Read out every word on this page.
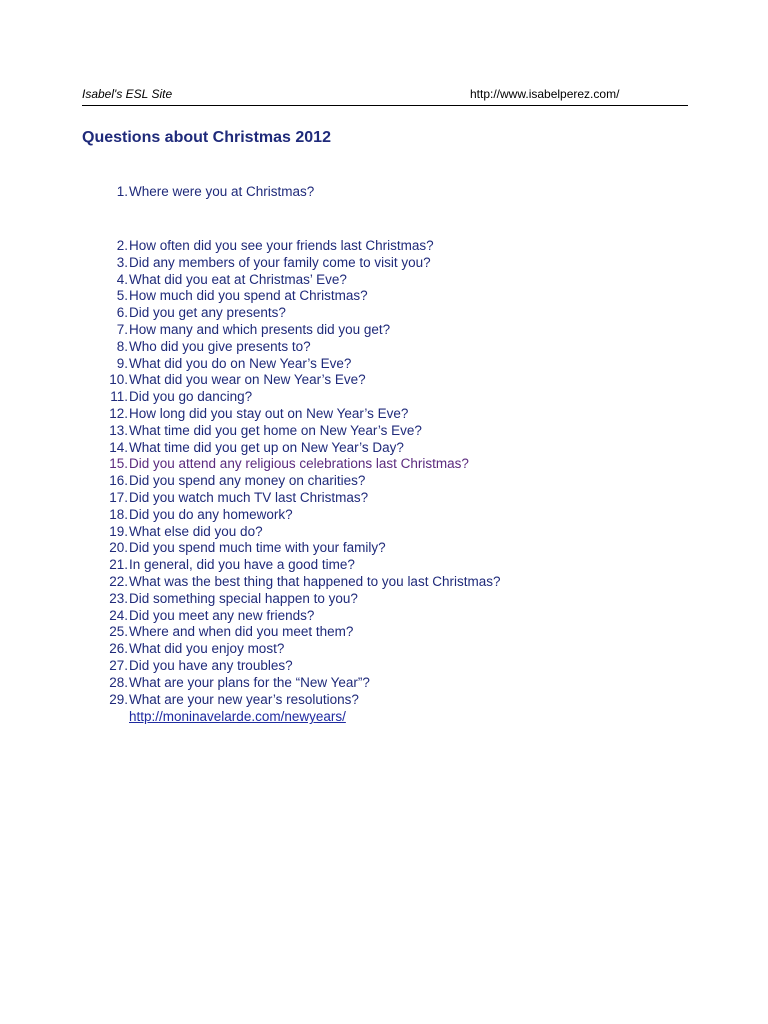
Isabel's ESL Site	http://www.isabelperez.com/
Questions about Christmas 2012
1. Where were you at Christmas?
2. How often did you see your friends last Christmas?
3. Did any members of your family come to visit you?
4. What did you eat at Christmas’ Eve?
5. How much did you spend at Christmas?
6. Did you get any presents?
7. How many and which presents did you get?
8. Who did you give presents to?
9. What did you do on New Year’s Eve?
10. What did you wear on New Year’s Eve?
11. Did you go dancing?
12. How long did you stay out on New Year’s Eve?
13. What time did you get home on New Year’s Eve?
14. What time did you get up on New Year’s Day?
15. Did you attend any religious celebrations last Christmas?
16. Did you spend any money on charities?
17. Did you watch much TV last Christmas?
18. Did you do any homework?
19. What else did you do?
20. Did you spend much time with your family?
21. In general, did you have a good time?
22. What was the best thing that happened to you last Christmas?
23. Did something special happen to you?
24. Did you meet any new friends?
25. Where and when did you meet them?
26. What did you enjoy most?
27. Did you have any troubles?
28. What are your plans for the “New Year”?
29. What are your new year’s resolutions?
http://moninavelarde.com/newyears/
